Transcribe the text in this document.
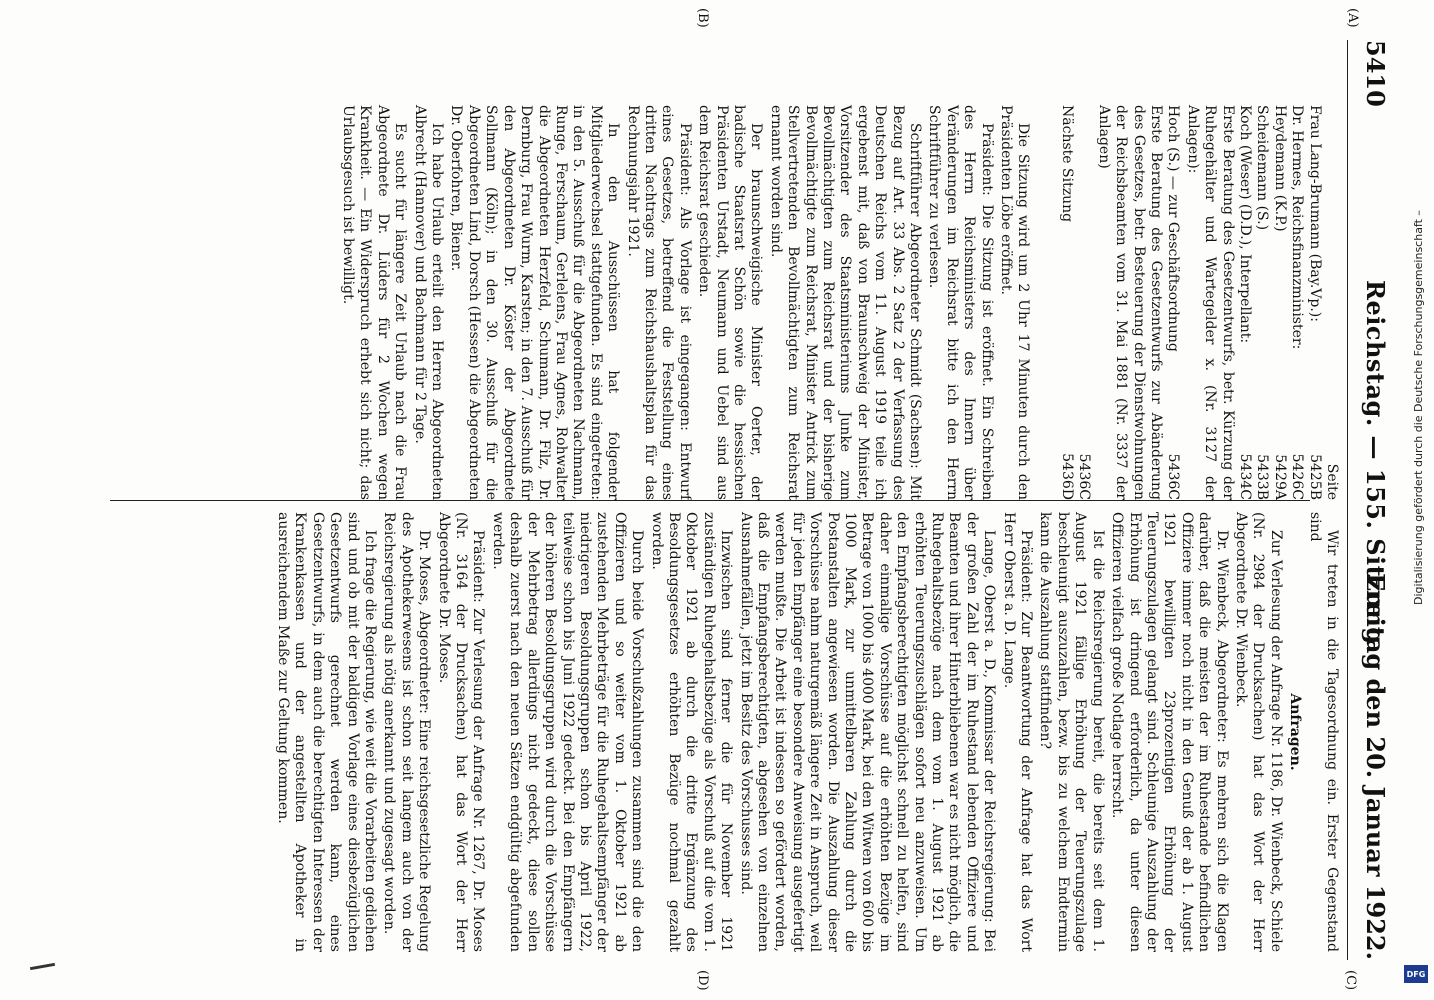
5410
Reichstag. — 155. Sitzung.
Freitag den 20. Januar 1922.
(A)
(B)
Seite
Frau Lang-Brumann (Bay.Vp.):
5425B
Dr. Hermes, Reichsfinanzminister:
5426C
Heydemann (K.P.)
5429A
Scheidemann (S.)
5433B
Koch (Weser) (D.D.), Interpellant:
5434C

Erste Beratung des Gesetzentwurfs, betr. Kürzung der Ruhegehälter und Wartegelder x. (Nr. 3127 der Anlagen):

Hoch (S.) — zur Geschäftsordnung
5436C

Erste Beratung des Gesetzentwurfs zur Abänderung des Gesetzes, betr. Besteuerung der Dienstwohnungen der Reichsbeamten vom 31. Mai 1881 (Nr. 3337 der Anlagen)

5436C
Nächste Sitzung
5436D

Die Sitzung wird um 2 Uhr 17 Minuten durch den Präsidenten Löbe eröffnet.

Präsident: Die Sitzung ist eröffnet. Ein Schreiben des Herrn Reichsministers des Innern über Veränderungen im Reichsrat bitte ich den Herrn Schriftführer zu verlesen.

Schriftführer Abgeordneter Schmidt (Sachsen): Mit Bezug auf Art. 33 Abs. 2 Satz 2 der Verfassung des Deutschen Reichs vom 11. August 1919 teile ich ergebenst mit, daß von Braunschweig der Minister, Vorsitzender des Staatsministeriums Junke zum Bevollmächtigten zum Reichsrat und der bisherige Bevollmächtigte zum Reichsrat, Minister Antrick zum Stellvertretenden Bevollmächtigten zum Reichsrat ernannt worden sind.

Der braunschweigische Minister Oerter, der badische Staatsrat Schön sowie die hessischen Präsidenten Urstadt, Neumann und Uebel sind aus dem Reichsrat geschieden.

Präsident: Als Vorlage ist eingegangen: Entwurf eines Gesetzes, betreffend die Feststellung eines dritten Nachtrags zum Reichshaushaltsplan für das Rechnungsjahr 1921.

In den Ausschüssen hat folgender Mitgliederwechsel stattgefunden. Es sind eingetreten: in den 5. Ausschuß für die Abgeordneten Nachmann, Runge, Ferschaum, Gerlelens, Frau Agnes, Rohwalter die Abgeordneten Herzfeld, Schumann, Dr. Filz, Dr. Dernburg, Frau Wurm, Karsten; in den 7. Ausschuß für den Abgeordneten Dr. Köster der Abgeordnete Sollmann (Köln); in den 30. Ausschuß für die Abgeordneten Lind, Dorsch (Hessen) die Abgeordneten Dr. Oberfohren, Biener.

Ich habe Urlaub erteilt den Herren Abgeordneten Albrecht (Hannover) und Bachmann für 2 Tage.

Es sucht für längere Zeit Urlaub nach die Frau Abgeordnete Dr. Lüders für 2 Wochen wegen Krankheit. — Ein Widerspruch erhebt sich nicht; das Urlaubsgesuch ist bewilligt.

(C)
(D)

Wir treten in die Tagesordnung ein. Erster Gegenstand sind

Anfragen.

Zur Verlesung der Anfrage Nr. 1186, Dr. Wienbeck, Schiele (Nr. 2984 der Drucksachen) hat das Wort der Herr Abgeordnete Dr. Wienbeck.

Dr. Wienbeck, Abgeordneter: Es mehren sich die Klagen darüber, daß die meisten der im Ruhestande befindlichen Offiziere immer noch nicht in den Genuß der ab 1. August 1921 bewilligten 23prozentigen Erhöhung der Teuerungszulagen gelangt sind. Schleunige Auszahlung der Erhöhung ist dringend erforderlich, da unter diesen Offizieren vielfach große Notlage herrscht.

Ist die Reichsregierung bereit, die bereits seit dem 1. August 1921 fällige Erhöhung der Teuerungszulage beschleunigt auszuzahlen, bezw. bis zu welchem Endtermin kann die Auszahlung stattfinden?

Präsident: Zur Beantwortung der Anfrage hat das Wort Herr Oberst a. D. Lange.

Lange, Oberst a. D., Kommissar der Reichsregierung: Bei der großen Zahl der im Ruhestand lebenden Offiziere und Beamten und ihrer Hinterbliebenen war es nicht möglich, die Ruhegehaltsbezüge nach dem vom 1. August 1921 ab erhöhten Teuerungszuschlägen sofort neu anzuweisen. Um den Empfangsberechtigten möglichst schnell zu helfen, sind daher einmalige Vorschüsse auf die erhöhten Bezüge im Betrage von 1000 bis 4000 Mark, bei den Witwen von 600 bis 1000 Mark, zur unmittelbaren Zahlung durch die Postanstalten angewiesen worden. Die Auszahlung dieser Vorschüsse nahm naturgemäß längere Zeit in Anspruch, weil für jeden Empfänger eine besondere Anweisung ausgefertigt werden mußte. Die Arbeit ist indessen so gefördert worden, daß die Empfangsberechtigten, abgesehen von einzelnen Ausnahmefällen, jetzt im Besitz des Vorschusses sind.

Inzwischen sind ferner die für November 1921 zuständigen Ruhegehaltsbezüge als Vorschuß auf die vom 1. Oktober 1921 ab durch die dritte Ergänzung des Besoldungsgesetzes erhöhten Bezüge nochmal gezahlt worden.

Durch beide Vorschußzahlungen zusammen sind die den Offizieren und so weiter vom 1. Oktober 1921 ab zustehenden Mehrbeträge für die Ruhegehaltsempfänger der niedrigeren Besoldungsgruppen schon bis April 1922, teilweise schon bis Juni 1922 gedeckt. Bei den Empfängern der höheren Besoldungsgruppen wird durch die Vorschüsse der Mehrbetrag allerdings nicht gedeckt, diese sollen deshalb zuerst nach den neuen Sätzen endgültig abgefunden werden.

Präsident: Zur Verlesung der Anfrage Nr. 1267, Dr. Moses (Nr. 3164 der Drucksachen) hat das Wort der Herr Abgeordnete Dr. Moses.

Dr. Moses, Abgeordneter: Eine reichsgesetzliche Regelung des Apothekerwesens ist schon seit langem auch von der Reichsregierung als nötig anerkannt und zugesagt worden.

Ich frage die Regierung, wie weit die Vorarbeiten gediehen sind und ob mit der baldigen Vorlage eines diesbezüglichen Gesetzentwurfs gerechnet werden kann, eines Gesetzentwurfs, in dem auch die berechtigten Interessen der Krankenkassen und der angestellten Apotheker in ausreichendem Maße zur Geltung kommen.

Digitalisierung gefördert durch die Deutsche Forschungsgemeinschaft –
DFG
